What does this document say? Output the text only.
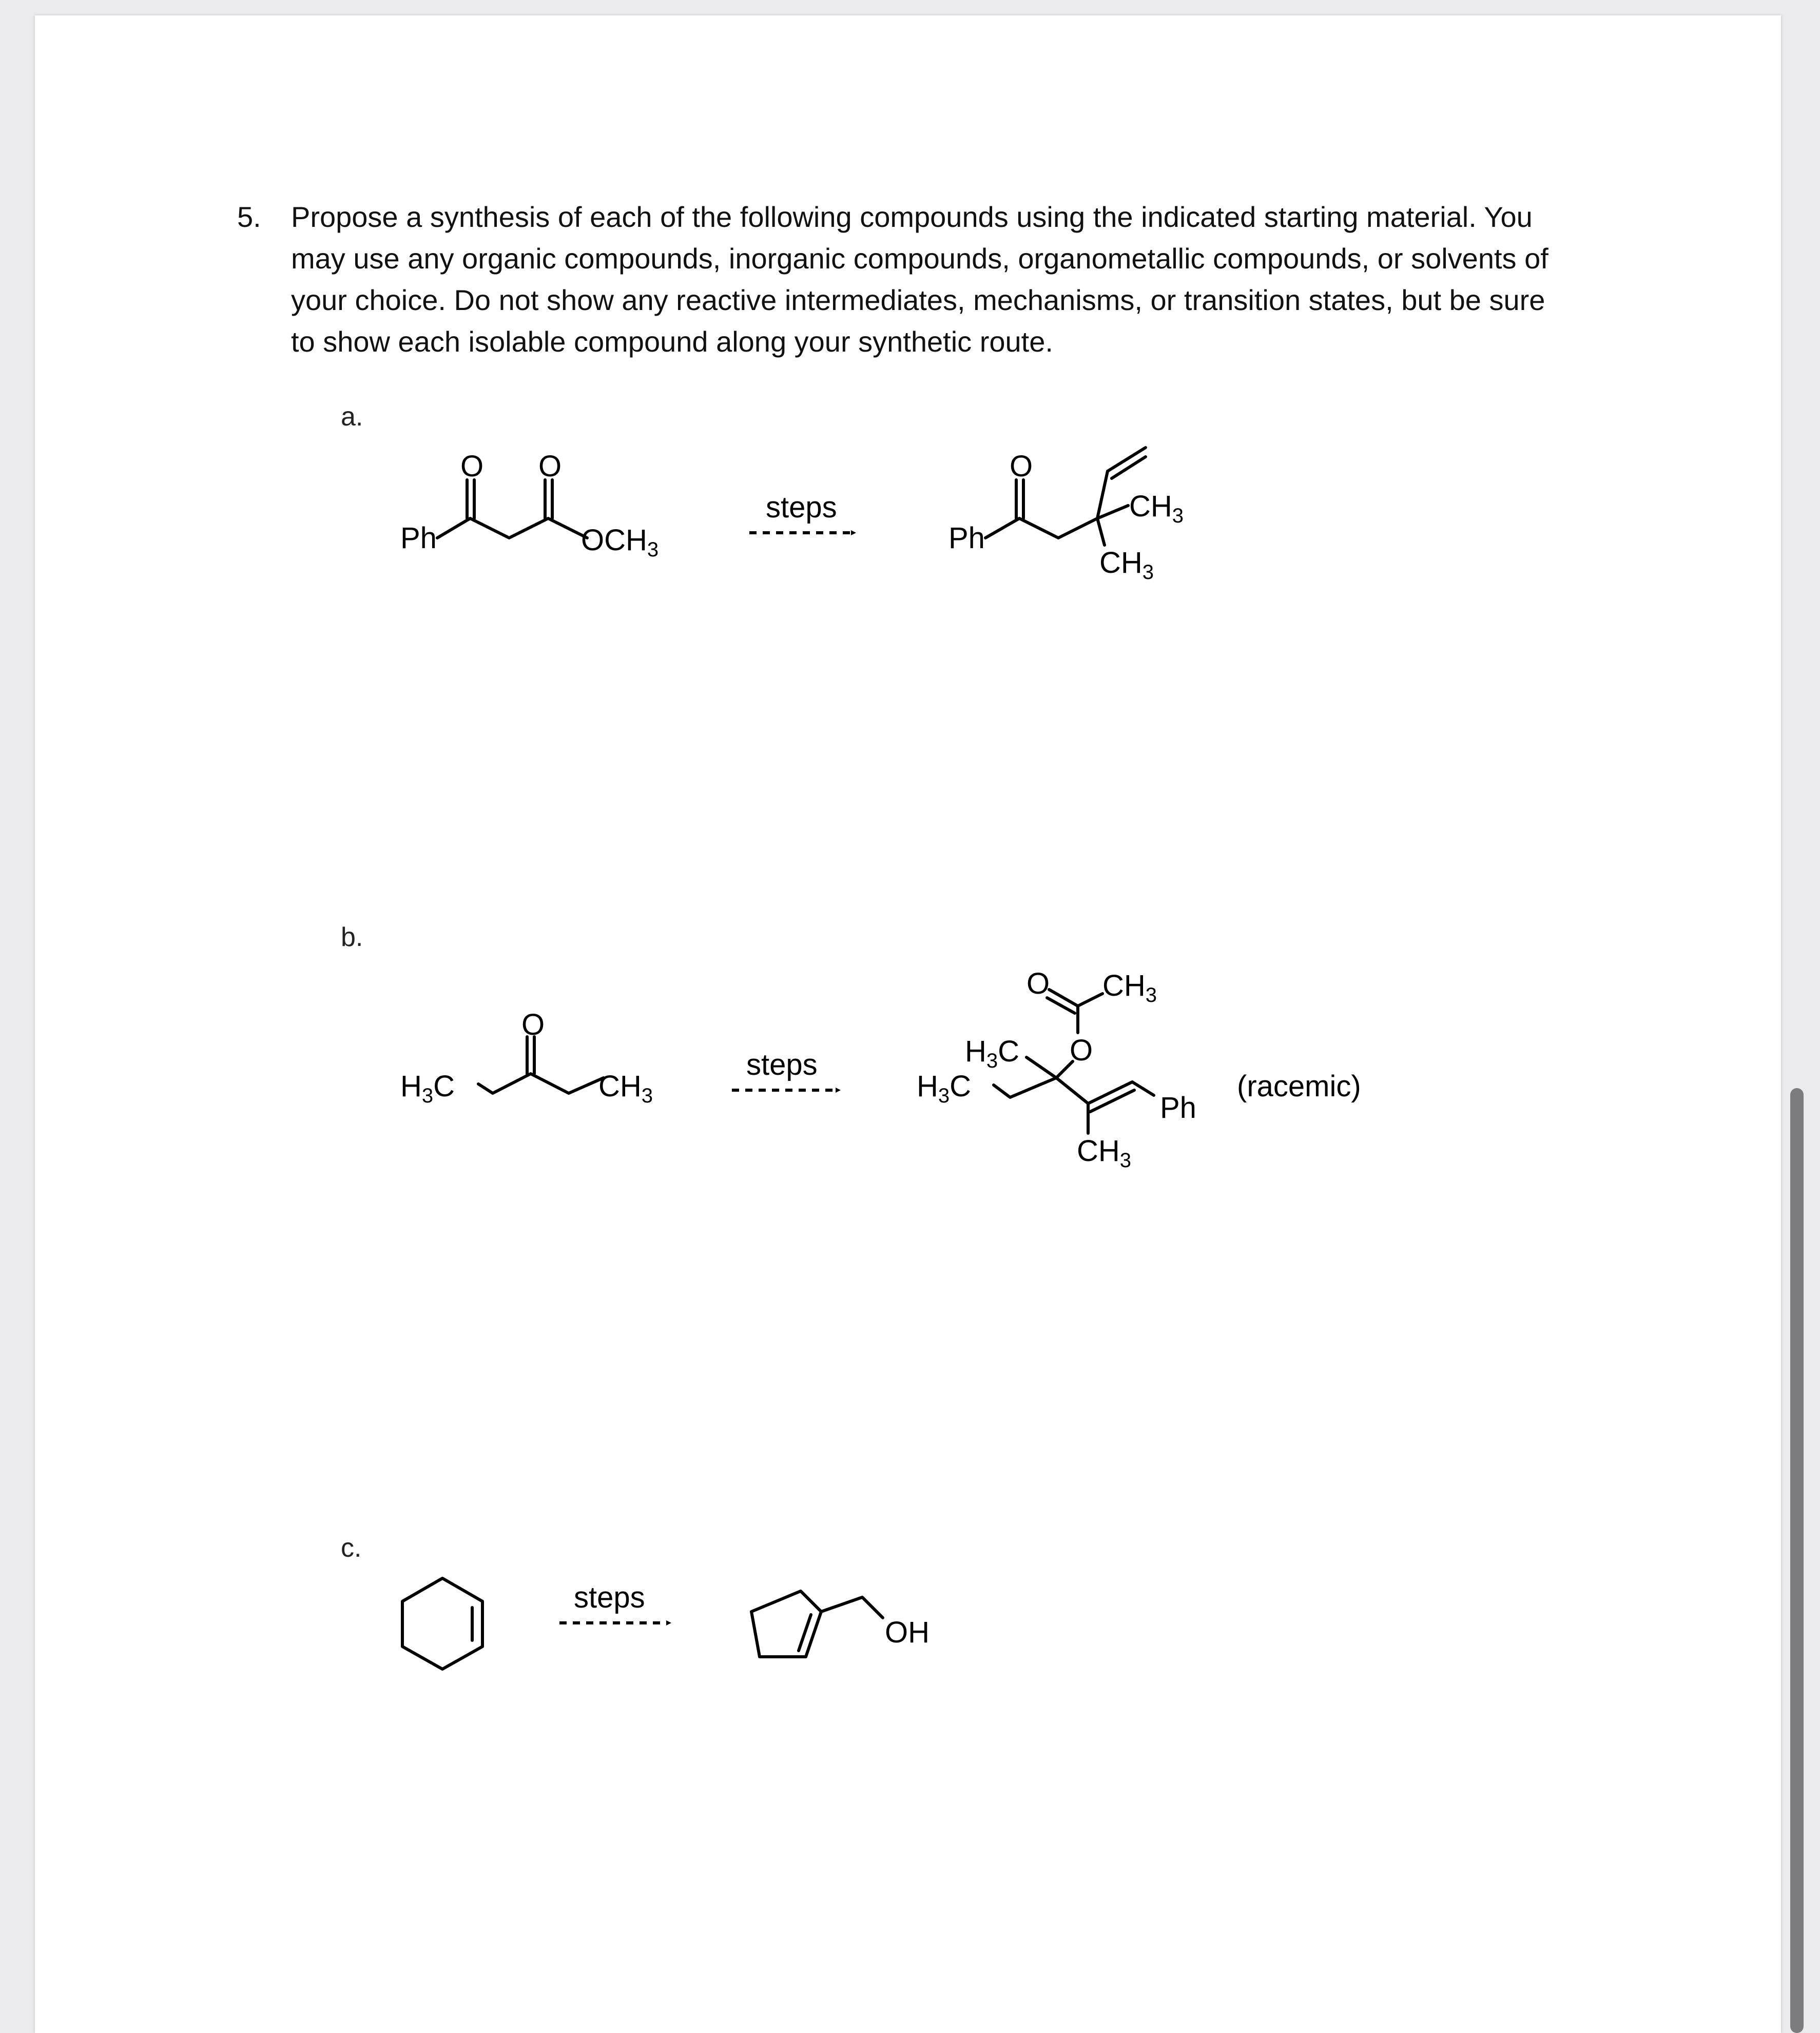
5. Propose a synthesis of each of the following compounds using the indicated starting material. You
may use any organic compounds, inorganic compounds, organometallic compounds, or solvents of
your choice. Do not show any reactive intermediates, mechanisms, or transition states, but be sure
to show each isolable compound along your synthetic route.
a.
b.
c.
Ph
O O
$OCH_3$
steps
Ph
O
$CH_3$
$CH_3$
$H_3C$
O
$CH_3$
steps
O $CH_3$
O
$H_3C$
$H_3C$
Ph
$CH_3$
(racemic)
steps
OH
